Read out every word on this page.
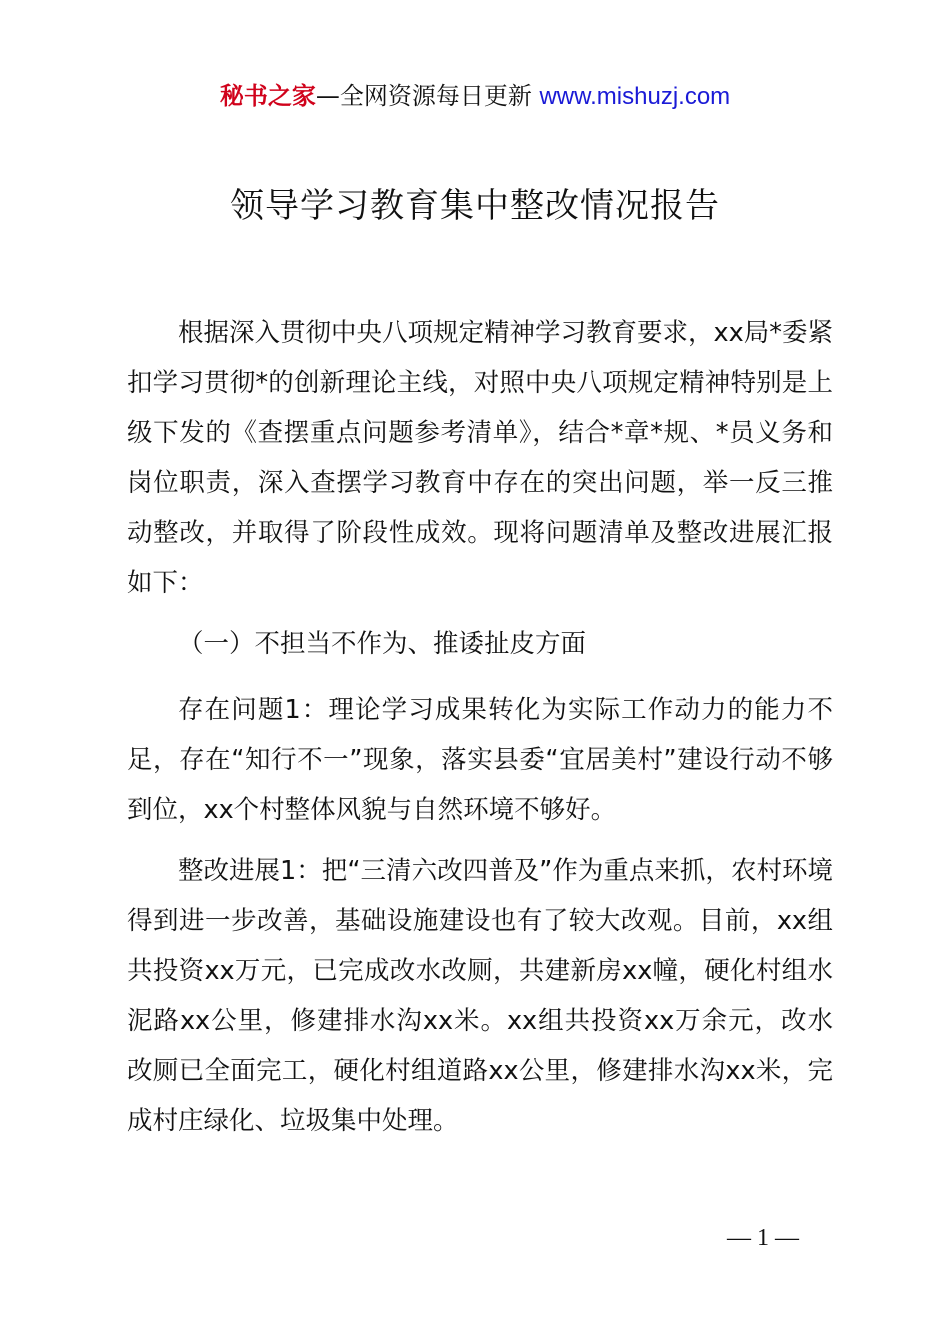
秘书之家—全网资源每日更新 www.mishuzj.com
领导学习教育集中整改情况报告

根据深入贯彻中央八项规定精神学习教育要求，xx局*委紧扣学习贯彻*的创新理论主线，对照中央八项规定精神特别是上级下发的《查摆重点问题参考清单》，结合*章*规、*员义务和岗位职责，深入查摆学习教育中存在的突出问题，举一反三推动整改，并取得了阶段性成效。现将问题清单及整改进展汇报如下：

（一）不担当不作为、推诿扯皮方面

存在问题1：理论学习成果转化为实际工作动力的能力不足，存在“知行不一”现象，落实县委“宜居美村”建设行动不够到位，xx个村整体风貌与自然环境不够好。

整改进展1：把“三清六改四普及”作为重点来抓，农村环境得到进一步改善，基础设施建设也有了较大改观。目前，xx组共投资xx万元，已完成改水改厕，共建新房xx幢，硬化村组水泥路xx公里，修建排水沟xx米。xx组共投资xx万余元，改水改厕已全面完工，硬化村组道路xx公里，修建排水沟xx米，完成村庄绿化、垃圾集中处理。

— 1 —
